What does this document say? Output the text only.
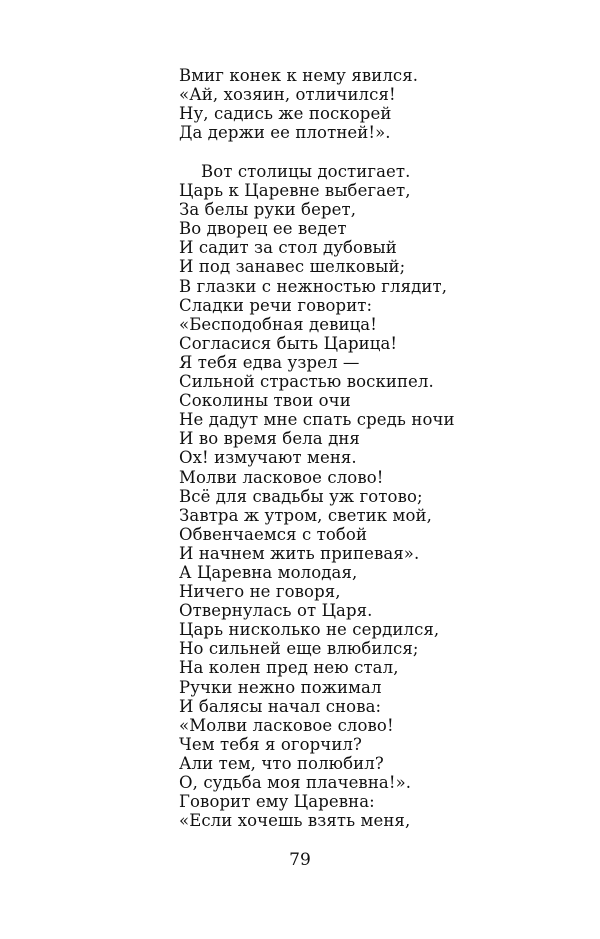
Вмиг конек к нему явился.
«Ай, хозяин, отличился!
Ну, садись же поскорей
Да держи ее плотней!».
Вот столицы достигает.
Царь к Царевне выбегает,
За белы руки берет,
Во дворец ее ведет
И садит за стол дубовый
И под занавес шелковый;
В глазки с нежностью глядит,
Сладки речи говорит:
«Бесподобная девица!
Согласися быть Царица!
Я тебя едва узрел —
Сильной страстью воскипел.
Соколины твои очи
Не дадут мне спать средь ночи
И во время бела дня
Ох! измучают меня.
Молви ласковое слово!
Всё для свадьбы уж готово;
Завтра ж утром, светик мой,
Обвенчаемся с тобой
И начнем жить припевая».
А Царевна молодая,
Ничего не говоря,
Отвернулась от Царя.
Царь нисколько не сердился,
Но сильней еще влюбился;
На колен пред нею стал,
Ручки нежно пожимал
И балясы начал снова:
«Молви ласковое слово!
Чем тебя я огорчил?
Али тем, что полюбил?
О, судьба моя плачевна!».
Говорит ему Царевна:
«Если хочешь взять меня,
79
